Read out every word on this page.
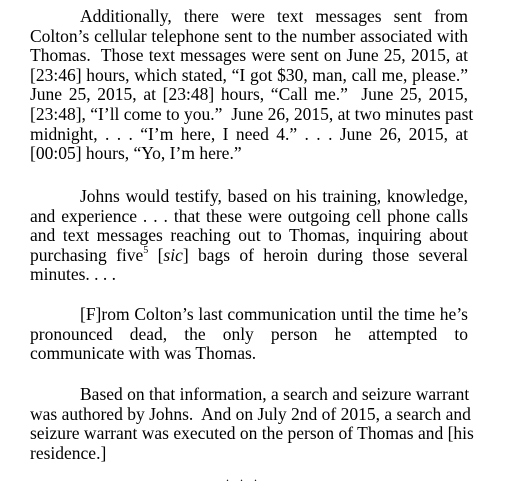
Additionally, there were text messages sent from
Colton’s cellular telephone sent to the number associated with
Thomas.  Those text messages were sent on June 25, 2015, at
[23:46] hours, which stated, “I got $30, man, call me, please.”
June 25, 2015, at [23:48] hours, “Call me.”  June 25, 2015,
[23:48], “I’ll come to you.”  June 26, 2015, at two minutes past
midnight, . . . “I’m here, I need 4.” . . . June 26, 2015, at
[00:05] hours, “Yo, I’m here.”
Johns would testify, based on his training, knowledge,
and experience . . . that these were outgoing cell phone calls
and text messages reaching out to Thomas, inquiring about
purchasing five$^5$ [sic] bags of heroin during those several
minutes. . . .
[F]rom Colton’s last communication until the time he’s
pronounced dead, the only person he attempted to
communicate with was Thomas.
Based on that information, a search and seizure warrant
was authored by Johns.  And on July 2nd of 2015, a search and
seizure warrant was executed on the person of Thomas and [his
residence.]
. . .
